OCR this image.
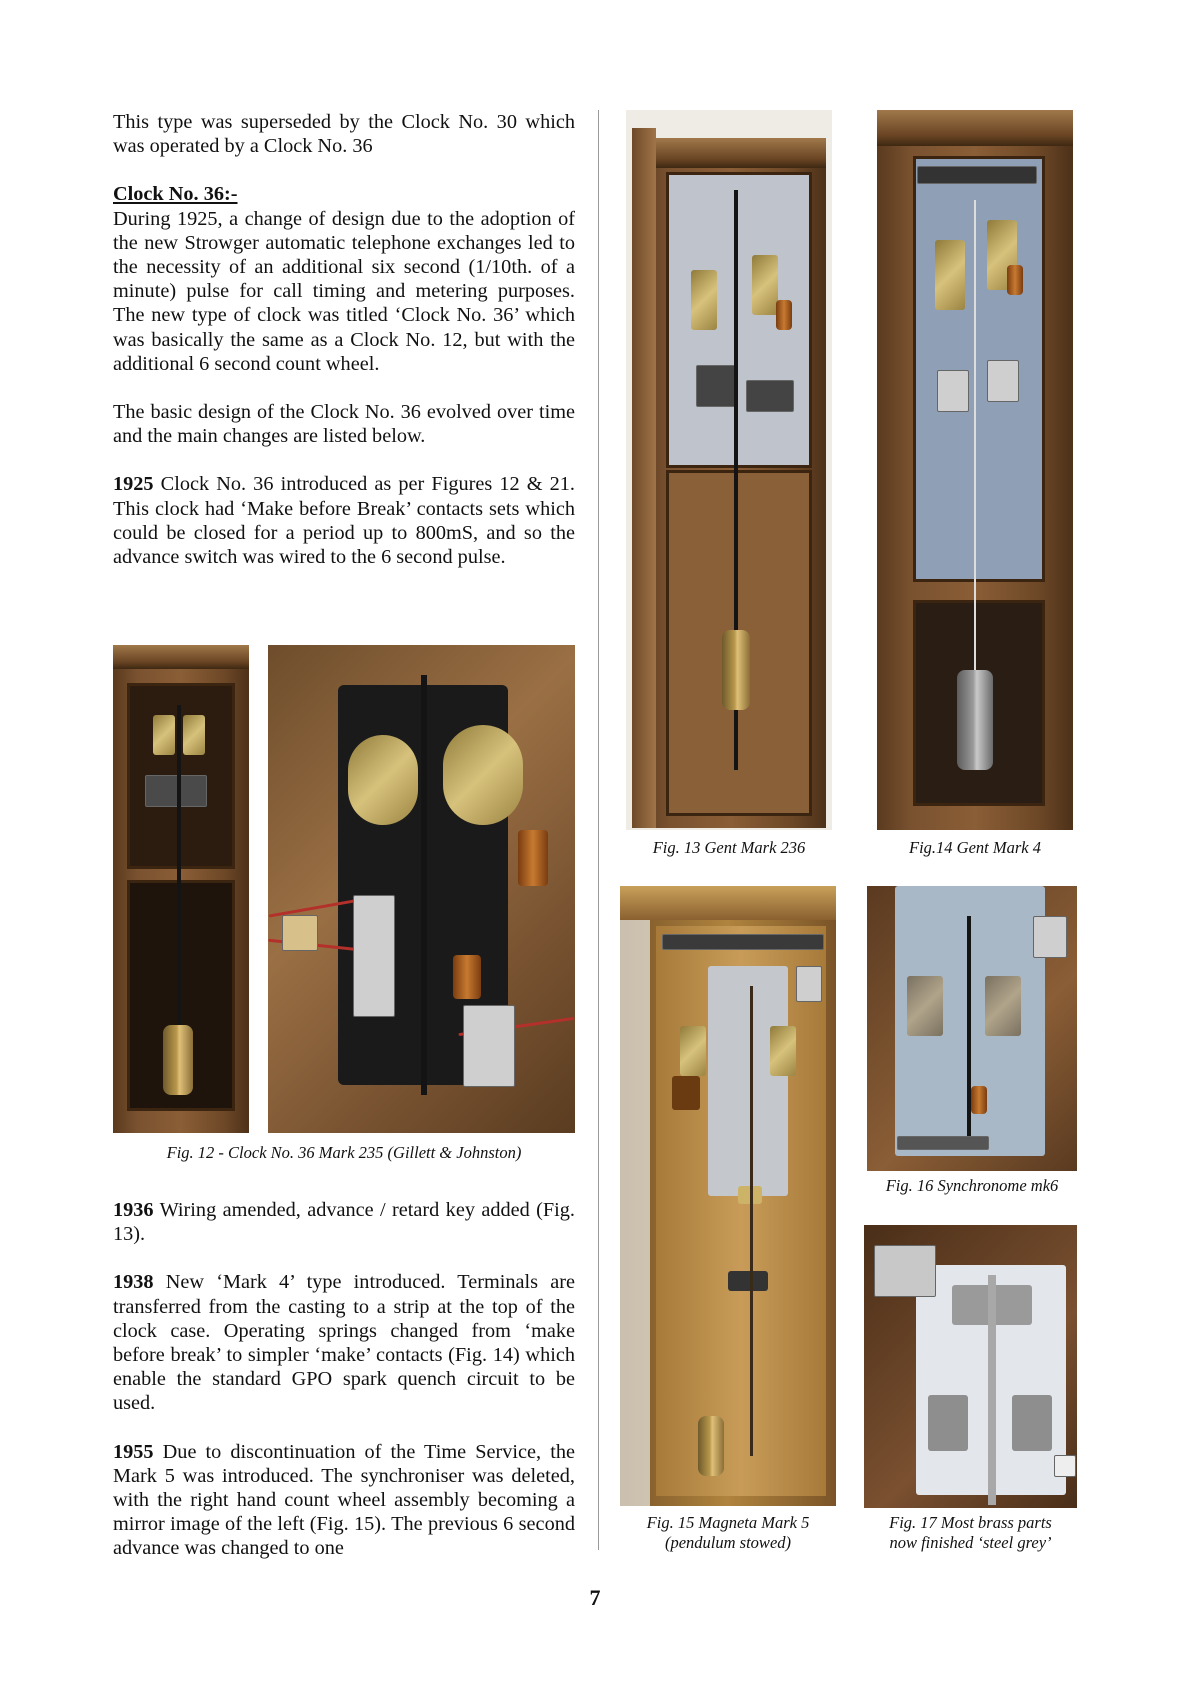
This type was superseded by the Clock No. 30 which was operated by a Clock No. 36

Clock No. 36:-

During 1925, a change of design due to the adoption of the new Strowger automatic telephone exchanges led to the necessity of an additional six second (1/10th. of a minute) pulse for call timing and metering purposes. The new type of clock was titled ‘Clock No. 36’ which was basically the same as a Clock No. 12, but with the additional 6 second count wheel.

The basic design of the Clock No. 36 evolved over time and the main changes are listed below.

1925 Clock No. 36 introduced as per Figures 12 & 21. This clock had ‘Make before Break’ contacts sets which could be closed for a period up to 800mS, and so the advance switch was wired to the 6 second pulse.

Fig. 12 - Clock No. 36 Mark 235 (Gillett & Johnston)

1936 Wiring amended, advance / retard key added (Fig. 13).

1938 New ‘Mark 4’ type introduced. Terminals are transferred from the casting to a strip at the top of the clock case. Operating springs changed from ‘make before break’ to simpler ‘make’ contacts (Fig. 14) which enable the standard GPO spark quench circuit to be used.

1955 Due to discontinuation of the Time Service, the Mark 5 was introduced. The synchroniser was deleted, with the right hand count wheel assembly becoming a mirror image of the left (Fig. 15). The previous 6 second advance was changed to one

Fig. 13 Gent Mark 236	Fig.14 Gent Mark 4
Fig. 15 Magneta Mark 5
(pendulum stowed)
Fig. 16 Synchronome mk6
Fig. 17 Most brass parts
now finished ‘steel grey’
7
